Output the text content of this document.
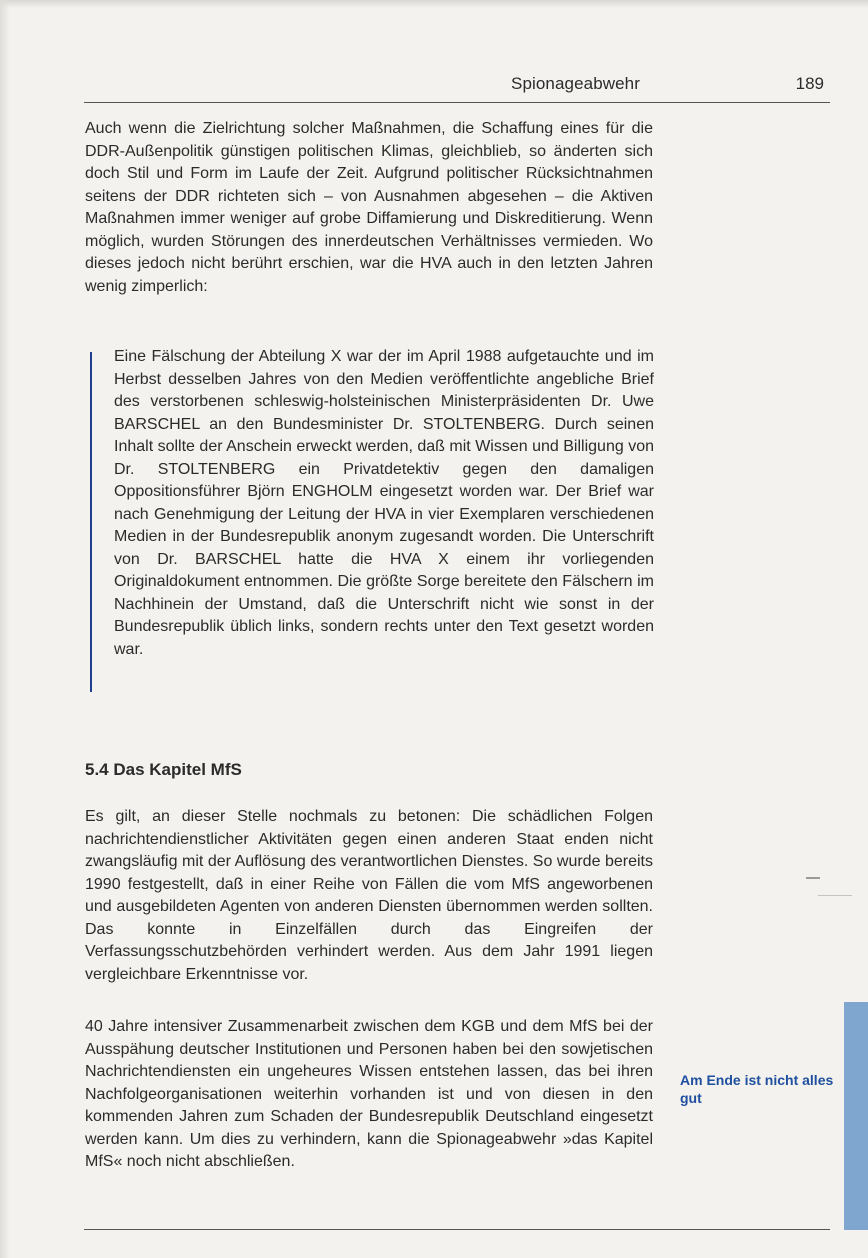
Spionageabwehr	189

Auch wenn die Zielrichtung solcher Maßnahmen, die Schaffung eines für die DDR-Außenpolitik günstigen politischen Klimas, gleichblieb, so änderten sich doch Stil und Form im Laufe der Zeit. Aufgrund politischer Rücksichtnahmen seitens der DDR richteten sich – von Ausnahmen abgesehen – die Aktiven Maßnahmen immer weniger auf grobe Diffamierung und Diskreditierung. Wenn möglich, wurden Störungen des innerdeutschen Verhältnisses vermieden. Wo dieses jedoch nicht berührt erschien, war die HVA auch in den letzten Jahren wenig zimperlich:

Eine Fälschung der Abteilung X war der im April 1988 aufgetauchte und im Herbst desselben Jahres von den Medien veröffentlichte angebliche Brief des verstorbenen schleswig-holsteinischen Ministerpräsidenten Dr. Uwe BARSCHEL an den Bundesminister Dr. STOLTENBERG. Durch seinen Inhalt sollte der Anschein erweckt werden, daß mit Wissen und Billigung von Dr. STOLTENBERG ein Privatdetektiv gegen den damaligen Oppositionsführer Björn ENGHOLM eingesetzt worden war. Der Brief war nach Genehmigung der Leitung der HVA in vier Exemplaren verschiedenen Medien in der Bundesrepublik anonym zugesandt worden. Die Unterschrift von Dr. BARSCHEL hatte die HVA X einem ihr vorliegenden Originaldokument entnommen. Die größte Sorge bereitete den Fälschern im Nachhinein der Umstand, daß die Unterschrift nicht wie sonst in der Bundesrepublik üblich links, sondern rechts unter den Text gesetzt worden war.

5.4 Das Kapitel MfS

Es gilt, an dieser Stelle nochmals zu betonen: Die schädlichen Folgen nachrichtendienstlicher Aktivitäten gegen einen anderen Staat enden nicht zwangsläufig mit der Auflösung des verantwortlichen Dienstes. So wurde bereits 1990 festgestellt, daß in einer Reihe von Fällen die vom MfS angeworbenen und ausgebildeten Agenten von anderen Diensten übernommen werden sollten. Das konnte in Einzelfällen durch das Eingreifen der Verfassungsschutzbehörden verhindert werden. Aus dem Jahr 1991 liegen vergleichbare Erkenntnisse vor.

40 Jahre intensiver Zusammenarbeit zwischen dem KGB und dem MfS bei der Ausspähung deutscher Institutionen und Personen haben bei den sowjetischen Nachrichtendiensten ein ungeheures Wissen entstehen lassen, das bei ihren Nachfolgeorganisationen weiterhin vorhanden ist und von diesen in den kommenden Jahren zum Schaden der Bundesrepublik Deutschland eingesetzt werden kann. Um dies zu verhindern, kann die Spionageabwehr »das Kapitel MfS« noch nicht abschließen.

Am Ende ist nicht alles gut
